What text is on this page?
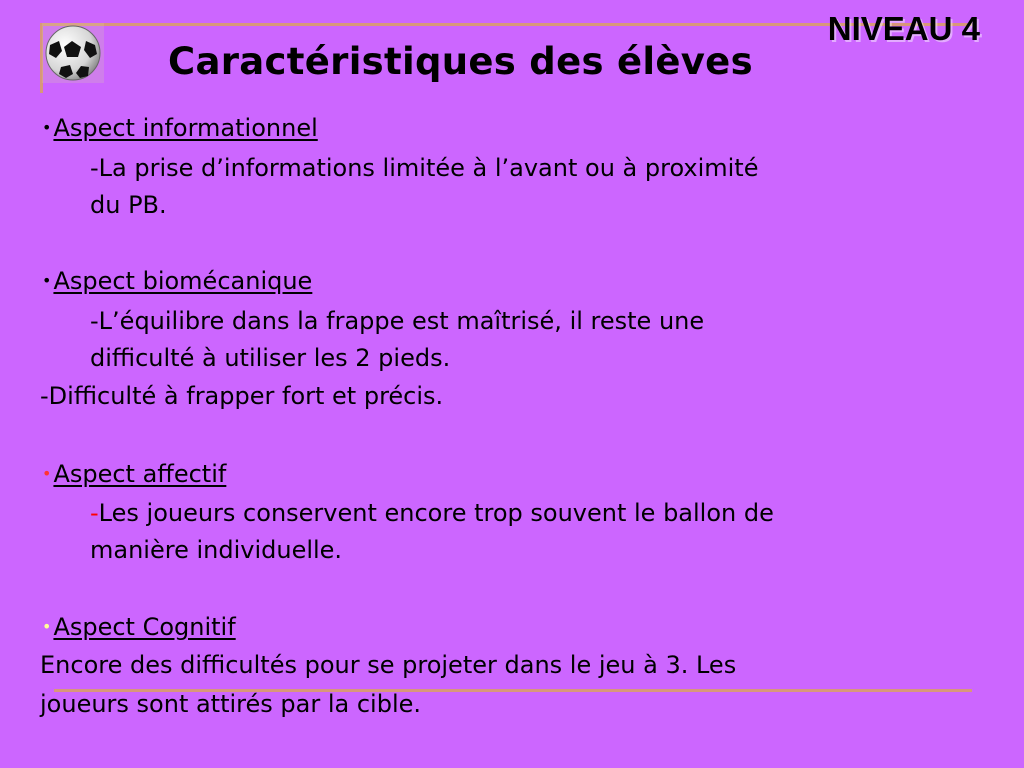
NIVEAU 4
Caractéristiques des élèves
•Aspect informationnel
-La prise d’informations limitée à l’avant ou à proximité
du PB.
•Aspect biomécanique
-L’équilibre dans la frappe est maîtrisé, il reste une
difficulté à utiliser les 2 pieds.
-Difficulté à frapper fort et précis.
•Aspect affectif
-Les joueurs conservent encore trop souvent le ballon de
manière individuelle.
•Aspect Cognitif
Encore des difficultés pour se projeter dans le jeu à 3. Les
joueurs sont attirés par la cible.
